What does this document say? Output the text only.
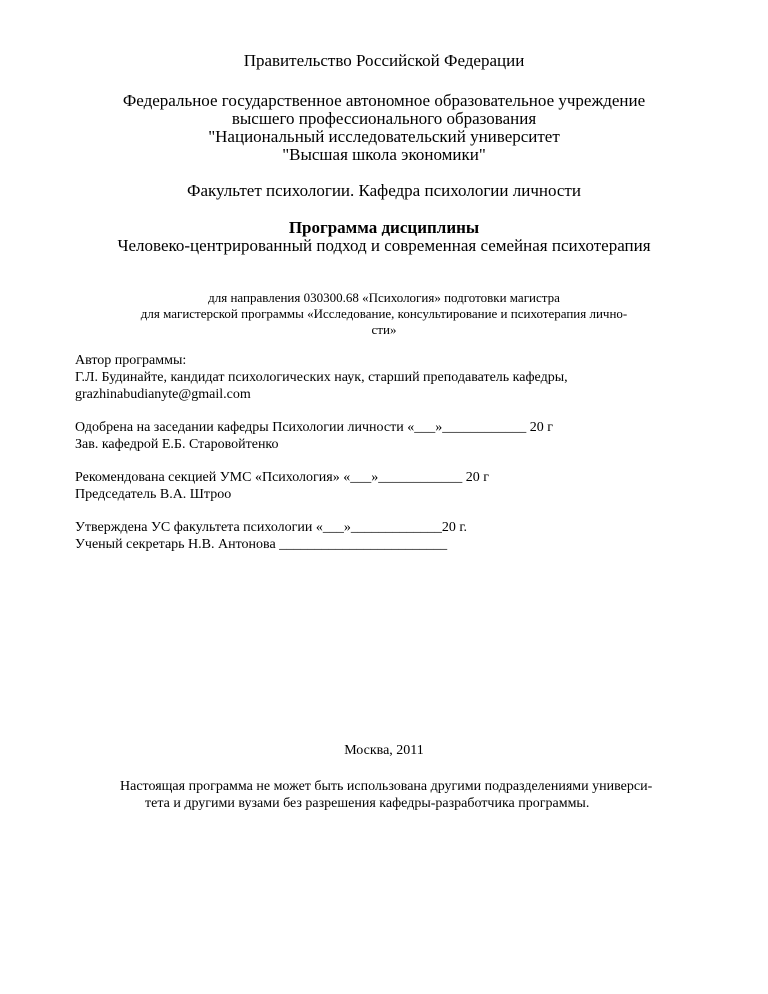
Правительство Российской Федерации
Федеральное государственное автономное образовательное учреждение
высшего профессионального образования
"Национальный исследовательский университет
"Высшая школа экономики"
Факультет психологии. Кафедра психологии личности
Программа дисциплины
Человеко-центрированный подход и современная семейная психотерапия
для направления 030300.68 «Психология» подготовки магистра
для магистерской программы «Исследование, консультирование и психотерапия лично-
сти»
Автор программы:
Г.Л. Будинайте, кандидат психологических наук, старший преподаватель кафедры,
grazhinabudianyte@gmail.com
Одобрена на заседании кафедры Психологии личности «___»____________ 20 г
Зав. кафедрой Е.Б. Старовойтенко
Рекомендована секцией УМС «Психология» «___»____________ 20 г
Председатель В.А. Штроо
Утверждена УС факультета психологии «___»_____________20 г.
Ученый секретарь Н.В. Антонова ________________________
Москва, 2011
Настоящая программа не может быть использована другими подразделениями универси-
тета и другими вузами без разрешения кафедры-разработчика программы.
